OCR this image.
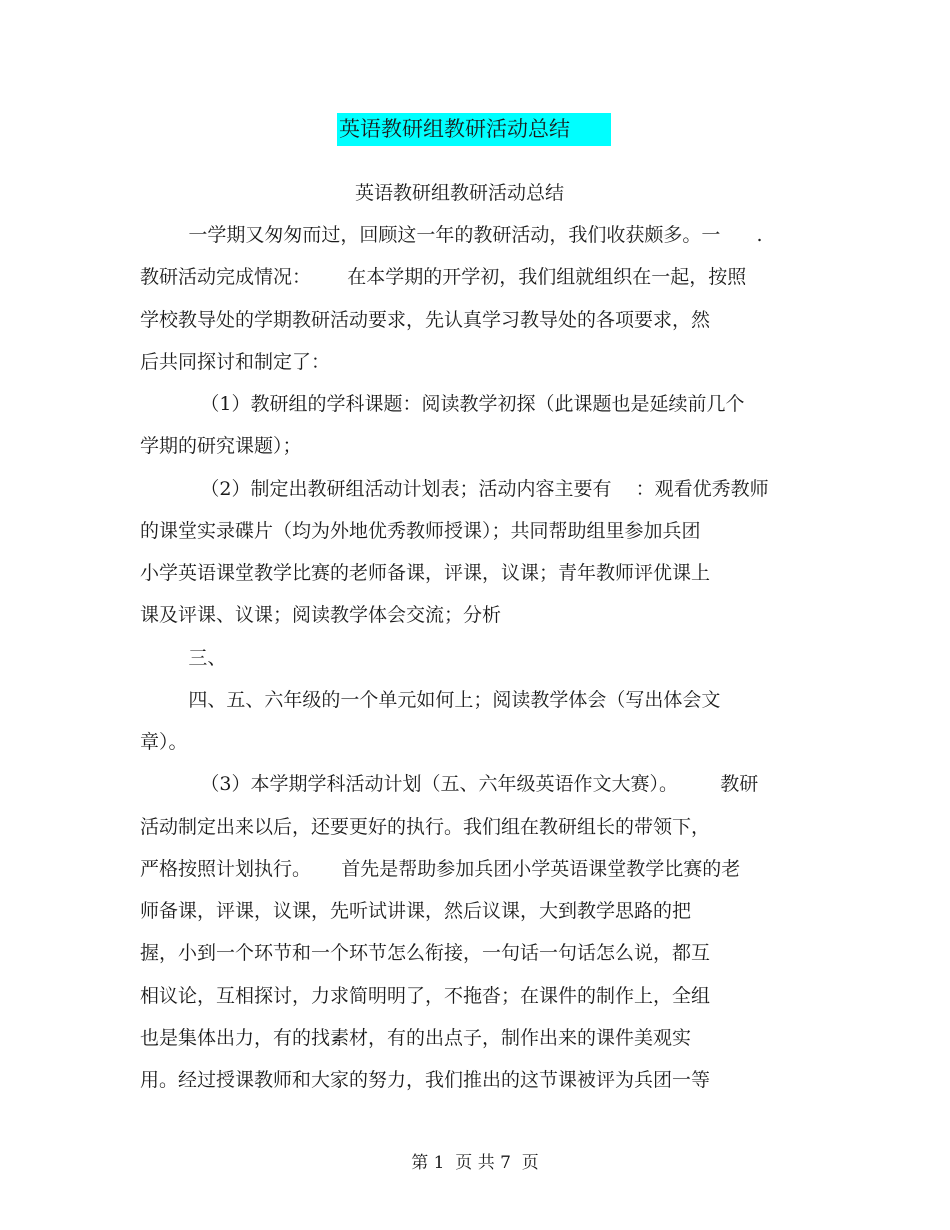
英语教研组教研活动总结
英语教研组教研活动总结
一学期又匆匆而过，回顾这一年的教研活动，我们收获颇多。一      .
教研活动完成情况：      在本学期的开学初，我们组就组织在一起，按照
学校教导处的学期教研活动要求，先认真学习教导处的各项要求，然
后共同探讨和制定了：
（1）教研组的学科课题：阅读教学初探（此课题也是延续前几个
学期的研究课题）；
（2）制定出教研组活动计划表；活动内容主要有    ：观看优秀教师
的课堂实录碟片（均为外地优秀教师授课）；共同帮助组里参加兵团
小学英语课堂教学比赛的老师备课，评课，议课；青年教师评优课上
课及评课、议课；阅读教学体会交流；分析
三、
四、五、六年级的一个单元如何上；阅读教学体会（写出体会文
章）。
（3）本学期学科活动计划（五、六年级英语作文大赛）。       教研
活动制定出来以后，还要更好的执行。我们组在教研组长的带领下，
严格按照计划执行。     首先是帮助参加兵团小学英语课堂教学比赛的老
师备课，评课，议课，先听试讲课，然后议课，大到教学思路的把
握，小到一个环节和一个环节怎么衔接，一句话一句话怎么说，都互
相议论，互相探讨，力求简明明了，不拖沓；在课件的制作上，全组
也是集体出力，有的找素材，有的出点子，制作出来的课件美观实
用。经过授课教师和大家的努力，我们推出的这节课被评为兵团一等
第 1  页 共 7  页
